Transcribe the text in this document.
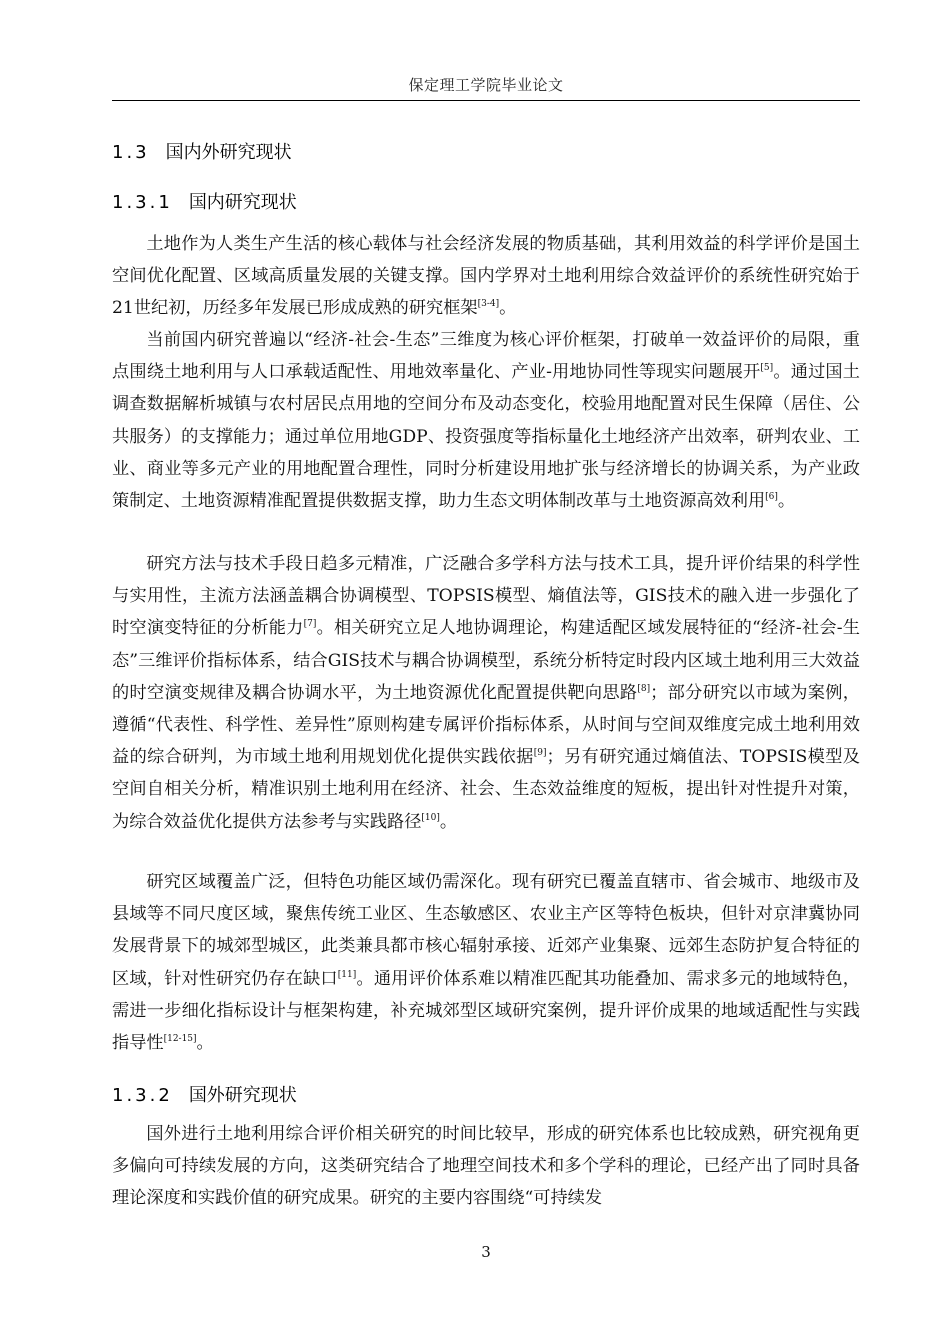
保定理工学院毕业论文
1.3 国内外研究现状
1.3.1 国内研究现状

土地作为人类生产生活的核心载体与社会经济发展的物质基础，其利用效益的科学评价是国土空间优化配置、区域高质量发展的关键支撑。国内学界对土地利用综合效益评价的系统性研究始于21世纪初，历经多年发展已形成成熟的研究框架[3-4]。

当前国内研究普遍以“经济-社会-生态”三维度为核心评价框架，打破单一效益评价的局限，重点围绕土地利用与人口承载适配性、用地效率量化、产业-用地协同性等现实问题展开[5]。通过国土调查数据解析城镇与农村居民点用地的空间分布及动态变化，校验用地配置对民生保障（居住、公共服务）的支撑能力；通过单位用地GDP、投资强度等指标量化土地经济产出效率，研判农业、工业、商业等多元产业的用地配置合理性，同时分析建设用地扩张与经济增长的协调关系，为产业政策制定、土地资源精准配置提供数据支撑，助力生态文明体制改革与土地资源高效利用[6]。

研究方法与技术手段日趋多元精准，广泛融合多学科方法与技术工具，提升评价结果的科学性与实用性，主流方法涵盖耦合协调模型、TOPSIS模型、熵值法等，GIS技术的融入进一步强化了时空演变特征的分析能力[7]。相关研究立足人地协调理论，构建适配区域发展特征的“经济-社会-生态”三维评价指标体系，结合GIS技术与耦合协调模型，系统分析特定时段内区域土地利用三大效益的时空演变规律及耦合协调水平，为土地资源优化配置提供靶向思路[8]；部分研究以市域为案例，遵循“代表性、科学性、差异性”原则构建专属评价指标体系，从时间与空间双维度完成土地利用效益的综合研判，为市域土地利用规划优化提供实践依据[9]；另有研究通过熵值法、TOPSIS模型及空间自相关分析，精准识别土地利用在经济、社会、生态效益维度的短板，提出针对性提升对策，为综合效益优化提供方法参考与实践路径[10]。

研究区域覆盖广泛，但特色功能区域仍需深化。现有研究已覆盖直辖市、省会城市、地级市及县域等不同尺度区域，聚焦传统工业区、生态敏感区、农业主产区等特色板块，但针对京津冀协同发展背景下的城郊型城区，此类兼具都市核心辐射承接、近郊产业集聚、远郊生态防护复合特征的区域，针对性研究仍存在缺口[11]。通用评价体系难以精准匹配其功能叠加、需求多元的地域特色，需进一步细化指标设计与框架构建，补充城郊型区域研究案例，提升评价成果的地域适配性与实践指导性[12-15]。

1.3.2 国外研究现状

国外进行土地利用综合评价相关研究的时间比较早，形成的研究体系也比较成熟，研究视角更多偏向可持续发展的方向，这类研究结合了地理空间技术和多个学科的理论，已经产出了同时具备理论深度和实践价值的研究成果。研究的主要内容围绕“可持续发

3
